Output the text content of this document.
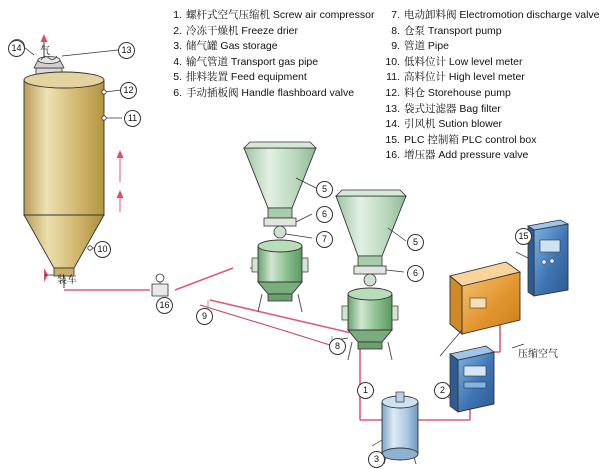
1. 螺杆式空气压缩机 Screw air compressor
2. 冷冻干燥机 Freeze drier
3. 储气罐 Gas storage
4. 输气管道 Transport gas pipe
5. 排料装置 Feed equipment
6. 手动插板阀 Handle flashboard valve
7. 电动卸料阀 Electromotion discharge valve
8. 仓泵 Transport pump
9. 管道 Pipe
10. 低料位计 Low level meter
11. 高料位计 High level meter
12. 料仓 Storehouse pump
13. 袋式过滤器 Bag filter
14. 引风机 Sution blower
15. PLC 控制箱 PLC control box
16. 增压器 Add pressure valve
14	13
12
11
10
16
9
5
6
7	5
6
8
15
1	2
3
气
装车
压缩空气
